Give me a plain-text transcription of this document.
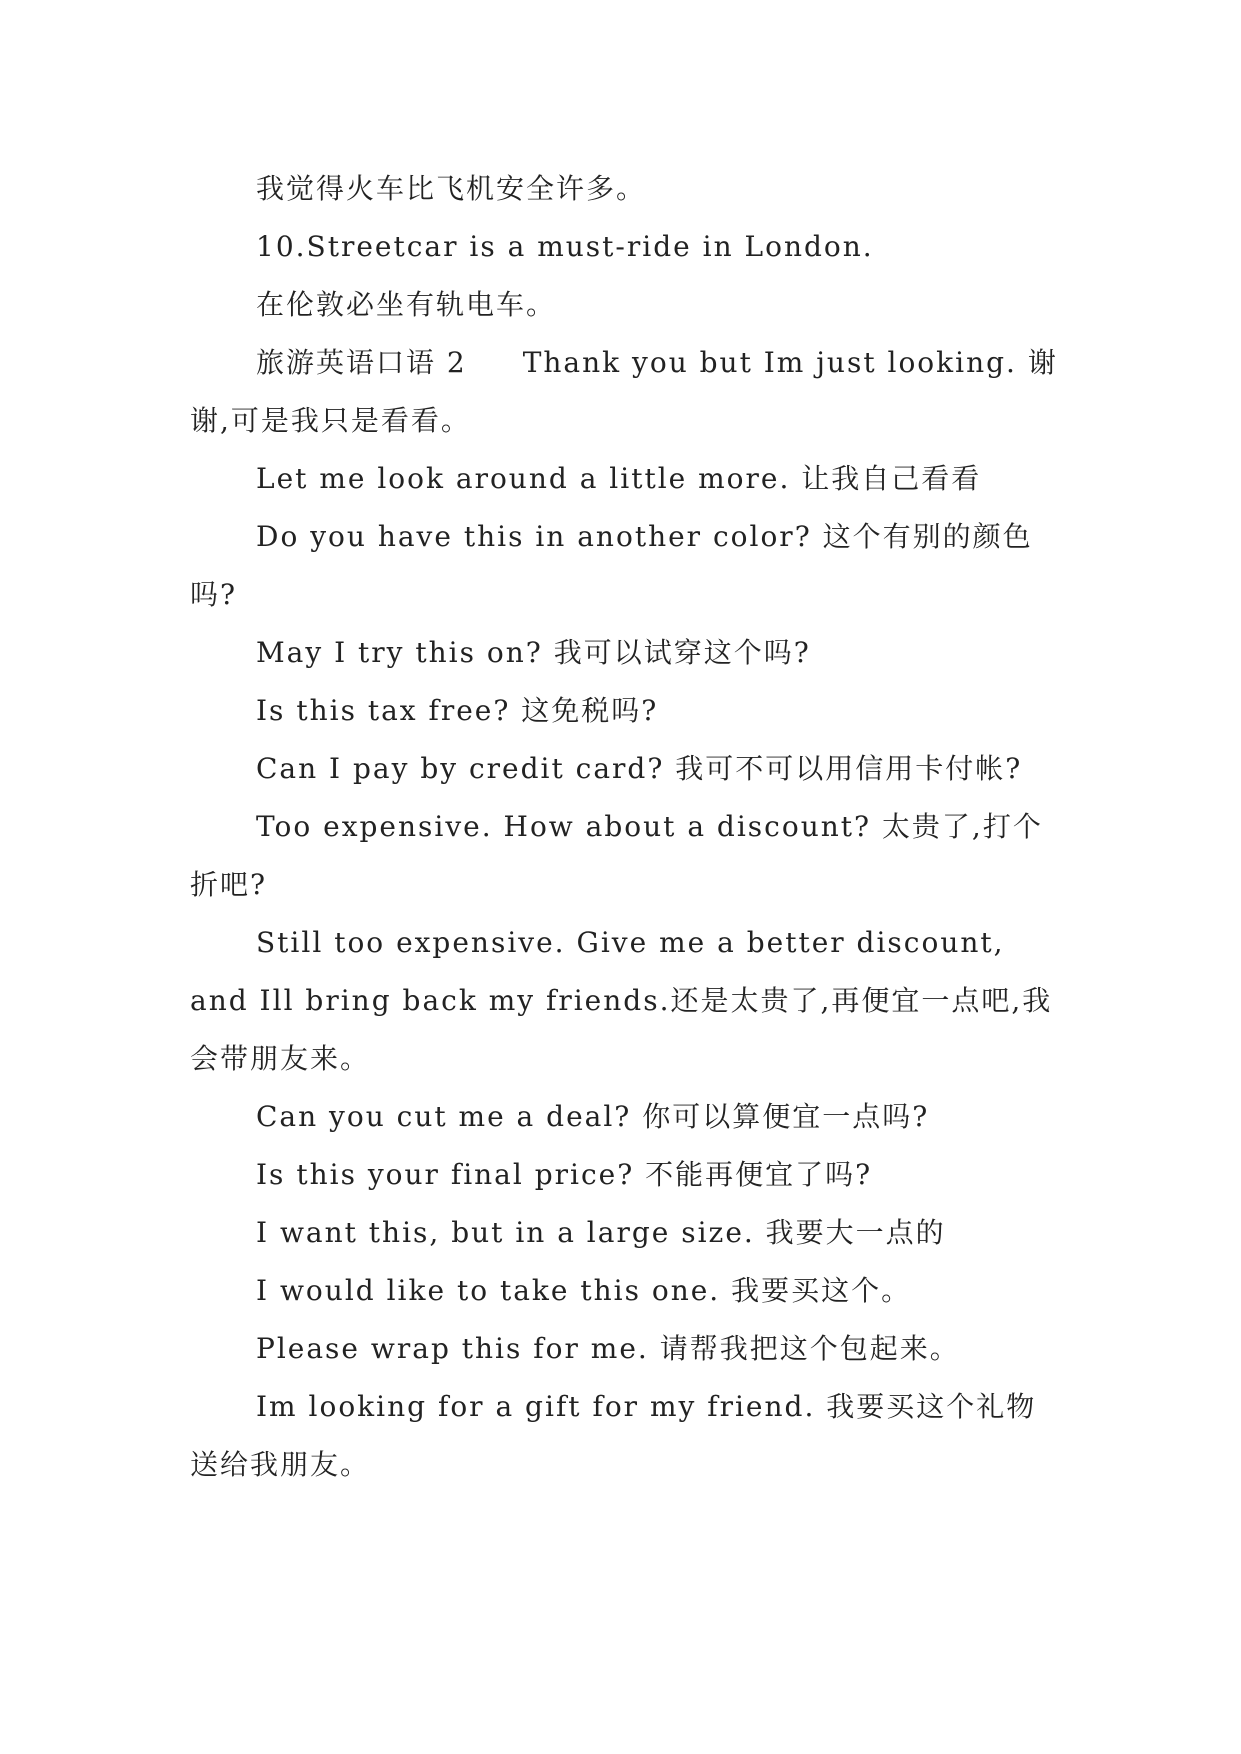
我觉得火车比飞机安全许多。

10.Streetcar is a must-ride in London.

在伦敦必坐有轨电车。

旅游英语口语 2 Thank you but Im just looking. 谢谢,可是我只是看看。

Let me look around a little more. 让我自己看看

Do you have this in another color? 这个有别的颜色吗?

May I try this on? 我可以试穿这个吗?

Is this tax free? 这免税吗?

Can I pay by credit card? 我可不可以用信用卡付帐?

Too expensive. How about a discount? 太贵了,打个折吧?

Still too expensive. Give me a better discount, and Ill bring back my friends.还是太贵了,再便宜一点吧,我会带朋友来。

Can you cut me a deal? 你可以算便宜一点吗?

Is this your final price? 不能再便宜了吗?

I want this, but in a large size. 我要大一点的

I would like to take this one. 我要买这个。

Please wrap this for me. 请帮我把这个包起来。

Im looking for a gift for my friend. 我要买这个礼物送给我朋友。
